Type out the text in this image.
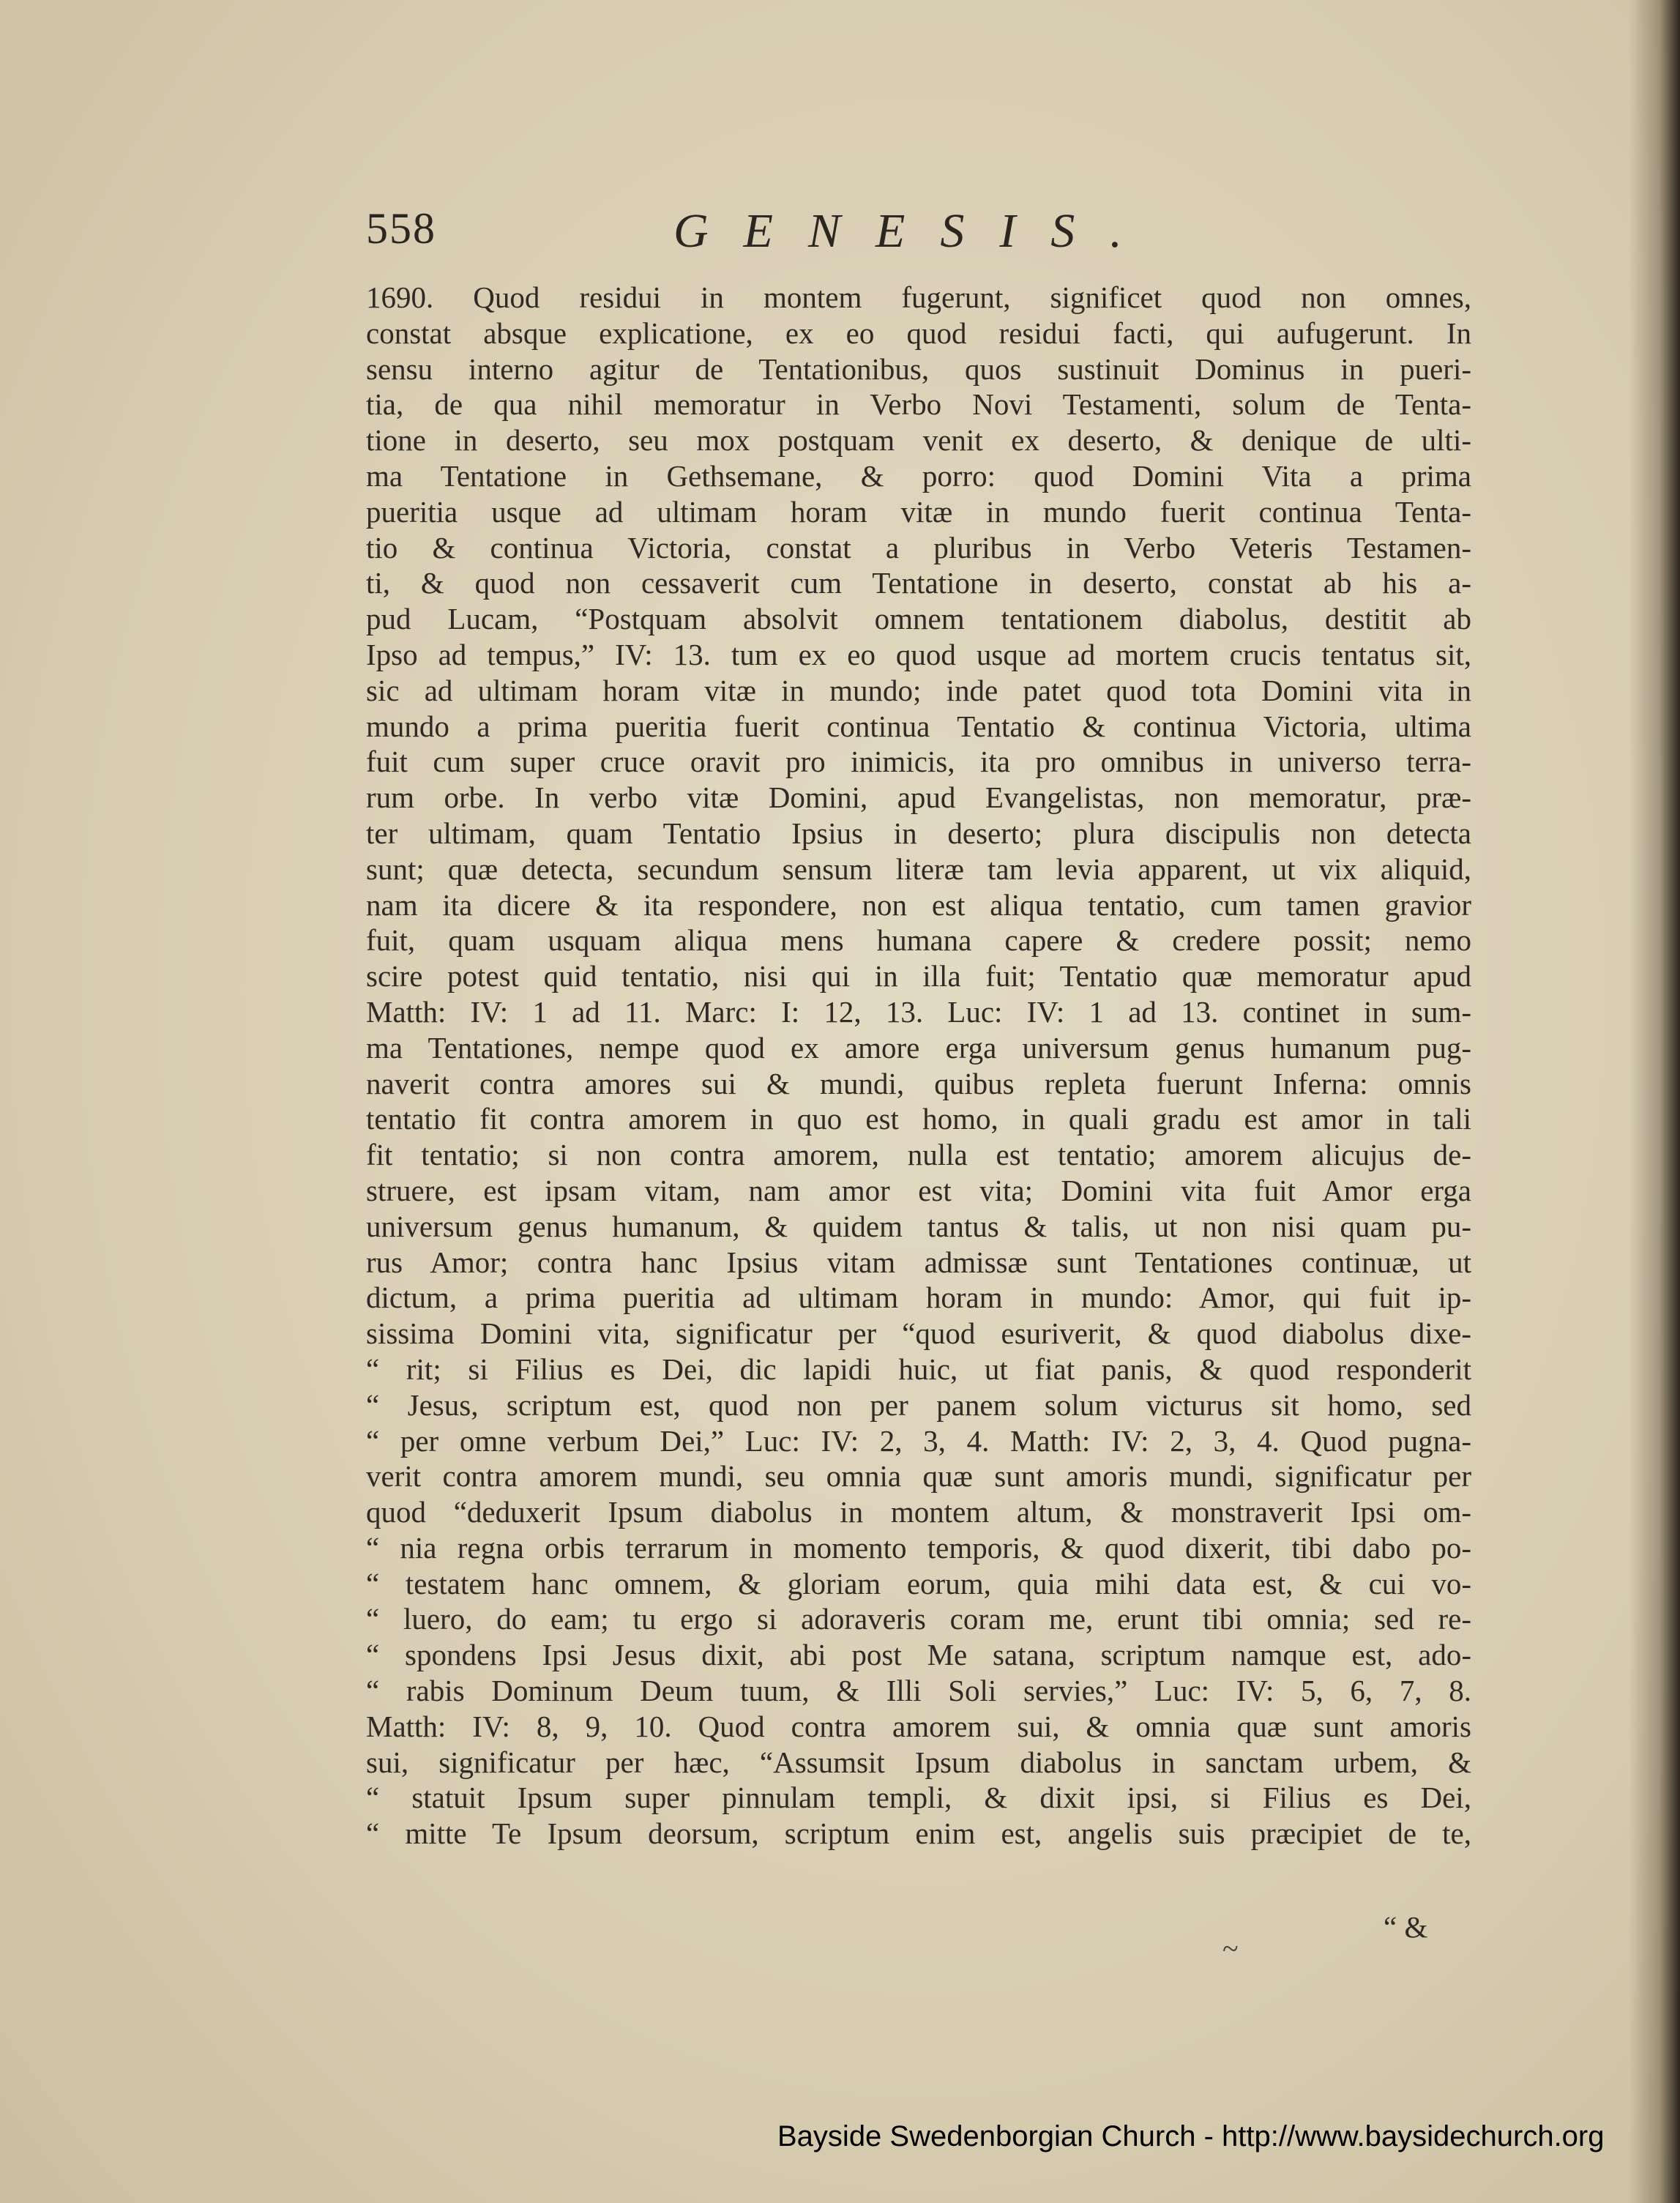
558	GENESIS.
1690. Quod residui in montem fugerunt, significet quod non omnes,
constat absque explicatione, ex eo quod residui facti, qui aufugerunt. In
sensu interno agitur de Tentationibus, quos sustinuit Dominus in pueri-
tia, de qua nihil memoratur in Verbo Novi Testamenti, solum de Tenta-
tione in deserto, seu mox postquam venit ex deserto, & denique de ulti-
ma Tentatione in Gethsemane, & porro: quod Domini Vita a prima
pueritia usque ad ultimam horam vitæ in mundo fuerit continua Tenta-
tio & continua Victoria, constat a pluribus in Verbo Veteris Testamen-
ti, & quod non cessaverit cum Tentatione in deserto, constat ab his a-
pud Lucam, “Postquam absolvit omnem tentationem diabolus, destitit ab
Ipso ad tempus,” IV: 13. tum ex eo quod usque ad mortem crucis tentatus sit,
sic ad ultimam horam vitæ in mundo; inde patet quod tota Domini vita in
mundo a prima pueritia fuerit continua Tentatio & continua Victoria, ultima
fuit cum super cruce oravit pro inimicis, ita pro omnibus in universo terra-
rum orbe. In verbo vitæ Domini, apud Evangelistas, non memoratur, præ-
ter ultimam, quam Tentatio Ipsius in deserto; plura discipulis non detecta
sunt; quæ detecta, secundum sensum literæ tam levia apparent, ut vix aliquid,
nam ita dicere & ita respondere, non est aliqua tentatio, cum tamen gravior
fuit, quam usquam aliqua mens humana capere & credere possit; nemo
scire potest quid tentatio, nisi qui in illa fuit; Tentatio quæ memoratur apud
Matth: IV: 1 ad 11. Marc: I: 12, 13. Luc: IV: 1 ad 13. continet in sum-
ma Tentationes, nempe quod ex amore erga universum genus humanum pug-
naverit contra amores sui & mundi, quibus repleta fuerunt Inferna: omnis
tentatio fit contra amorem in quo est homo, in quali gradu est amor in tali
fit tentatio; si non contra amorem, nulla est tentatio; amorem alicujus de-
struere, est ipsam vitam, nam amor est vita; Domini vita fuit Amor erga
universum genus humanum, & quidem tantus & talis, ut non nisi quam pu-
rus Amor; contra hanc Ipsius vitam admissæ sunt Tentationes continuæ, ut
dictum, a prima pueritia ad ultimam horam in mundo: Amor, qui fuit ip-
sissima Domini vita, significatur per “quod esuriverit, & quod diabolus dixe-
“ rit; si Filius es Dei, dic lapidi huic, ut fiat panis, & quod responderit
“ Jesus, scriptum est, quod non per panem solum victurus sit homo, sed
“ per omne verbum Dei,” Luc: IV: 2, 3, 4. Matth: IV: 2, 3, 4. Quod pugna-
verit contra amorem mundi, seu omnia quæ sunt amoris mundi, significatur per
quod “deduxerit Ipsum diabolus in montem altum, & monstraverit Ipsi om-
“ nia regna orbis terrarum in momento temporis, & quod dixerit, tibi dabo po-
“ testatem hanc omnem, & gloriam eorum, quia mihi data est, & cui vo-
“ luero, do eam; tu ergo si adoraveris coram me, erunt tibi omnia; sed re-
“ spondens Ipsi Jesus dixit, abi post Me satana, scriptum namque est, ado-
“ rabis Dominum Deum tuum, & Illi Soli servies,” Luc: IV: 5, 6, 7, 8.
Matth: IV: 8, 9, 10. Quod contra amorem sui, & omnia quæ sunt amoris
sui, significatur per hæc, “Assumsit Ipsum diabolus in sanctam urbem, &
“ statuit Ipsum super pinnulam templi, & dixit ipsi, si Filius es Dei,
“ mitte Te Ipsum deorsum, scriptum enim est, angelis suis præcipiet de te,
“ &
~
Bayside Swedenborgian Church - http://www.baysidechurch.org
